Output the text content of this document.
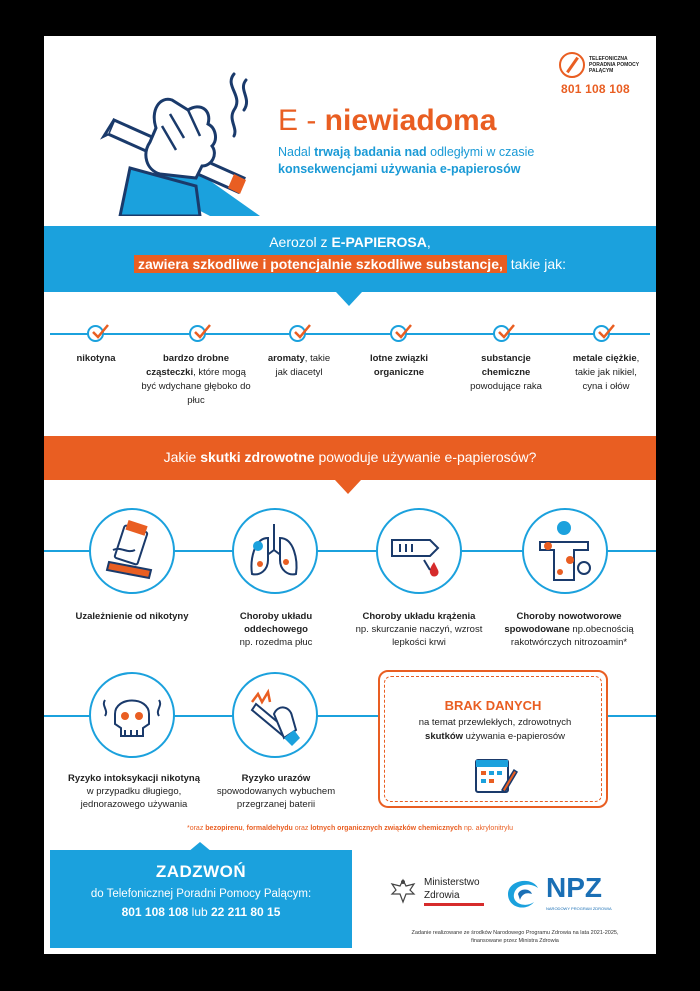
TELEFONICZNA PORADNIA POMOCY PALĄCYM
801 108 108
E - niewiadoma
Nadal trwają badania nad odległymi w czasie
konsekwencjami używania e-papierosów
Aerozol z E-PAPIEROSA,
zawiera szkodliwe i potencjalnie szkodliwe substancje, takie jak:
nikotyna	bardzo drobne cząsteczki, które mogą być wdychane głęboko do płuc
aromaty, takie jak diacetyl
lotne związki organiczne
substancje chemiczne powodujące raka
metale ciężkie, takie jak nikiel, cyna i ołów
Jakie skutki zdrowotne powoduje używanie e-papierosów?
Uzależnienie od nikotyny	Choroby układu oddechowego
np. rozedma płuc
Choroby układu krążenia
np. skurczanie naczyń, wzrost lepkości krwi
Choroby nowotworowe spowodowane np.obecnością rakotwórczych nitrozoamin*
Ryzyko intoksykacji nikotyną
w przypadku długiego, jednorazowego używania
Ryzyko urazów
spowodowanych wybuchem przegrzanej baterii
BRAK DANYCH
na temat przewlekłych, zdrowotnych
skutków używania e-papierosów
*oraz bezopirenu, formaldehydu oraz lotnych organicznych związków chemicznych np. akrylonitrylu
ZADZWOŃ
do Telefonicznej Poradni Pomocy Palącym:
801 108 108 lub 22 211 80 15
Ministerstwo
Zdrowia	NPZ
NARODOWY PROGRAM ZDROWIA
Zadanie realizowane ze środków Narodowego Programu Zdrowia na lata 2021-2025,
finansowane przez Ministra Zdrowia
